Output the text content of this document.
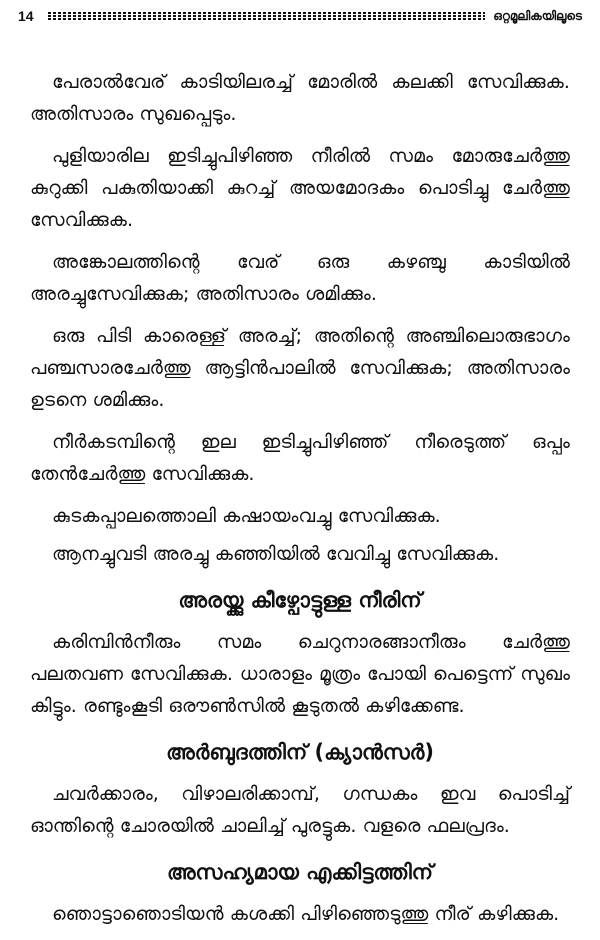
14	ഒറ്റമൂലികയിലൂടെ

പേരാൽവേര് കാടിയിലരച്ച് മോരിൽ കലക്കി സേവിക്കുക. അതിസാരം സുഖപ്പെടും.

പുളിയാരില ഇടിച്ചുപിഴിഞ്ഞ നീരിൽ സമം മോരുചേർത്തു കുറുക്കി പകുതിയാക്കി കുറച്ച് അയമോദകം പൊടിച്ചു ചേർത്തു സേവിക്കുക.

അങ്കോലത്തിന്റെ വേര് ഒരു കഴഞ്ചു കാടിയിൽ അരച്ചുസേവിക്കുക; അതിസാരം ശമിക്കും.

ഒരു പിടി കാരെള്ള് അരച്ച്; അതിന്റെ അഞ്ചിലൊരുഭാഗം പഞ്ചസാരചേർത്തു ആട്ടിൻപാലിൽ സേവിക്കുക; അതിസാരം ഉടനെ ശമിക്കും.

നീർകടമ്പിന്റെ ഇല ഇടിച്ചുപിഴിഞ്ഞ് നീരെടുത്ത് ഒപ്പം തേൻചേർത്തു സേവിക്കുക.

കുടകപ്പാലത്തൊലി കഷായംവച്ചു സേവിക്കുക.

ആനച്ചുവടി അരച്ചു കഞ്ഞിയിൽ വേവിച്ചു സേവിക്കുക.

അരയ്ക്കു കീഴ്പോട്ടുള്ള നീരിന്

കരിമ്പിൻനീരും സമം ചെറുനാരങ്ങാനീരും ചേർത്തു പലതവണ സേവിക്കുക. ധാരാളം മൂത്രം പോയി പെട്ടെന്ന് സുഖം കിട്ടും. രണ്ടുംകൂടി ഒരൗൺസിൽ കൂടുതൽ കഴിക്കേണ്ട.

അർബുദത്തിന് (ക്യാൻസർ)

ചവർക്കാരം, വിഴാലരിക്കാമ്പ്, ഗന്ധകം ഇവ പൊടിച്ച് ഓന്തിന്റെ ചോരയിൽ ചാലിച്ച് പുരട്ടുക. വളരെ ഫലപ്രദം.

അസഹ്യമായ എക്കിട്ടത്തിന്

ഞൊട്ടാഞൊടിയൻ കശക്കി പിഴിഞ്ഞെടുത്തു നീര് കഴിക്കുക.
